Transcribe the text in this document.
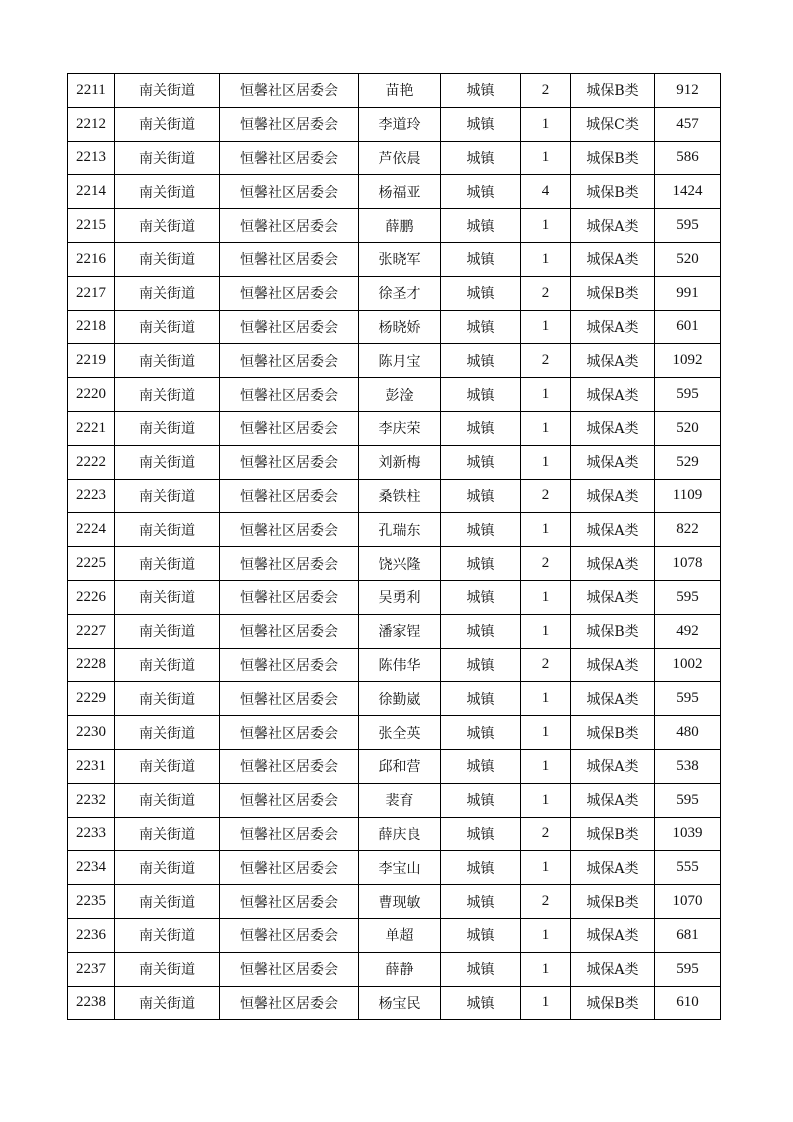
2211	南关街道	恒馨社区居委会	苗艳	城镇	2	城保B类	912
2212	南关街道	恒馨社区居委会	李道玲	城镇	1	城保C类	457
2213	南关街道	恒馨社区居委会	芦依晨	城镇	1	城保B类	586
2214	南关街道	恒馨社区居委会	杨福亚	城镇	4	城保B类	1424
2215	南关街道	恒馨社区居委会	薛鹏	城镇	1	城保A类	595
2216	南关街道	恒馨社区居委会	张晓军	城镇	1	城保A类	520
2217	南关街道	恒馨社区居委会	徐圣才	城镇	2	城保B类	991
2218	南关街道	恒馨社区居委会	杨晓娇	城镇	1	城保A类	601
2219	南关街道	恒馨社区居委会	陈月宝	城镇	2	城保A类	1092
2220	南关街道	恒馨社区居委会	彭淦	城镇	1	城保A类	595
2221	南关街道	恒馨社区居委会	李庆荣	城镇	1	城保A类	520
2222	南关街道	恒馨社区居委会	刘新梅	城镇	1	城保A类	529
2223	南关街道	恒馨社区居委会	桑铁柱	城镇	2	城保A类	1109
2224	南关街道	恒馨社区居委会	孔瑞东	城镇	1	城保A类	822
2225	南关街道	恒馨社区居委会	饶兴隆	城镇	2	城保A类	1078
2226	南关街道	恒馨社区居委会	吴勇利	城镇	1	城保A类	595
2227	南关街道	恒馨社区居委会	潘家锃	城镇	1	城保B类	492
2228	南关街道	恒馨社区居委会	陈伟华	城镇	2	城保A类	1002
2229	南关街道	恒馨社区居委会	徐勤崴	城镇	1	城保A类	595
2230	南关街道	恒馨社区居委会	张全英	城镇	1	城保B类	480
2231	南关街道	恒馨社区居委会	邱和营	城镇	1	城保A类	538
2232	南关街道	恒馨社区居委会	裴育	城镇	1	城保A类	595
2233	南关街道	恒馨社区居委会	薛庆良	城镇	2	城保B类	1039
2234	南关街道	恒馨社区居委会	李宝山	城镇	1	城保A类	555
2235	南关街道	恒馨社区居委会	曹现敏	城镇	2	城保B类	1070
2236	南关街道	恒馨社区居委会	单超	城镇	1	城保A类	681
2237	南关街道	恒馨社区居委会	薛静	城镇	1	城保A类	595
2238	南关街道	恒馨社区居委会	杨宝民	城镇	1	城保B类	610
